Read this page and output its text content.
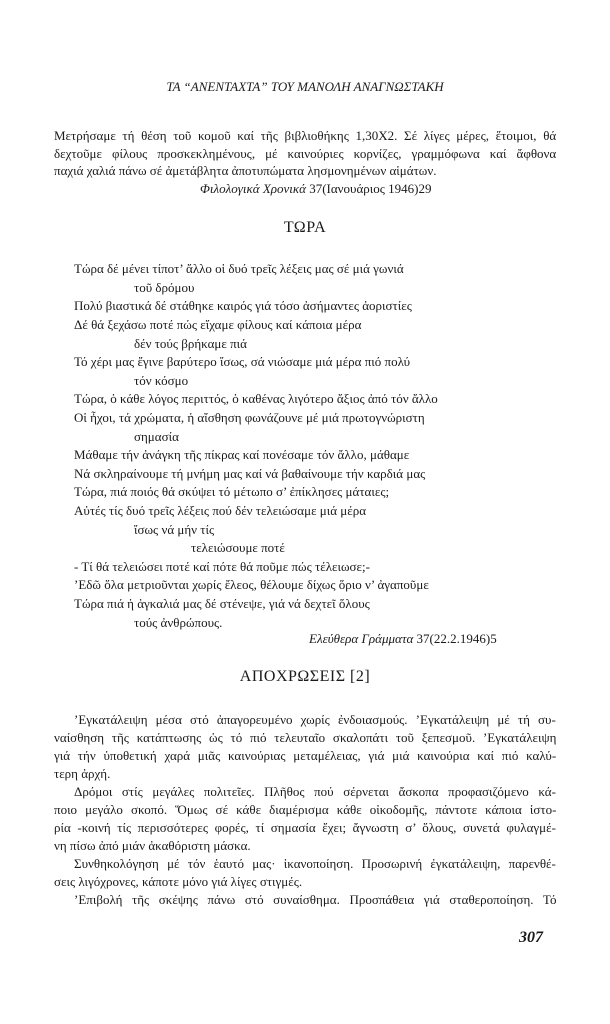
ΤΑ “ΑΝΕΝΤΑΧΤΑ” ΤΟΥ ΜΑΝΟΛΗ ΑΝΑΓΝΩΣΤΑΚΗ
Μετρήσαμε τή θέση τοῦ κομοῦ καί τῆς βιβλιοθήκης 1,30Χ2. Σέ λίγες μέρες, ἕτοιμοι, θά
δεχτοῦμε φίλους προσκεκλημένους, μέ καινούριες κορνίζες, γραμμόφωνα καί ἄφθονα
παχιά χαλιά πάνω σέ ἀμετάβλητα ἀποτυπώματα λησμονημένων αἱμάτων.
Φιλολογικά Χρονικά 37(Ιανουάριος 1946)29
ΤΩΡΑ
Τώρα δέ μένει τίποτ’ ἄλλο οἱ δυό τρεῖς λέξεις μας σέ μιά γωνιά
τοῦ δρόμου
Πολύ βιαστικά δέ στάθηκε καιρός γιά τόσο ἀσήμαντες ἀοριστίες
Δέ θά ξεχάσω ποτέ πώς εἴχαμε φίλους καί κάποια μέρα
δέν τούς βρήκαμε πιά
Τό χέρι μας ἔγινε βαρύτερο ἴσως, σά νιώσαμε μιά μέρα πιό πολύ
τόν κόσμο
Τώρα, ὁ κάθε λόγος περιττός, ὁ καθένας λιγότερο ἄξιος ἀπό τόν ἄλλο
Οἱ ἦχοι, τά χρώματα, ἡ αἴσθηση φωνάζουνε μέ μιά πρωτογνώριστη
σημασία
Μάθαμε τήν ἀνάγκη τῆς πίκρας καί πονέσαμε τόν ἄλλο, μάθαμε
Νά σκληραίνουμε τή μνήμη μας καί νά βαθαίνουμε τήν καρδιά μας
Τώρα, πιά ποιός θά σκύψει τό μέτωπο σ’ ἐπίκλησες μάταιες;
Αὐτές τίς δυό τρεῖς λέξεις πού δέν τελειώσαμε μιά μέρα
ἴσως νά μήν τίς
τελειώσουμε ποτέ
- Τί θά τελειώσει ποτέ καί πότε θά ποῦμε πώς τέλειωσε;-
’Εδῶ ὅλα μετριοῦνται χωρίς ἔλεος, θέλουμε δίχως ὅριο ν’ ἀγαποῦμε
Τώρα πιά ἡ ἀγκαλιά μας δέ στένεψε, γιά νά δεχτεῖ ὅλους
τούς ἀνθρώπους.
Ελεύθερα Γράμματα 37(22.2.1946)5
ΑΠΟΧΡΩΣΕΙΣ [2]
’Εγκατάλειψη μέσα στό ἀπαγορευμένο χωρίς ἐνδοιασμούς. ’Εγκατάλειψη μέ τή συ-
ναίσθηση τῆς κατάπτωσης ὡς τό πιό τελευταῖο σκαλοπάτι τοῦ ξεπεσμοῦ. ’Εγκατάλειψη
γιά τήν ὑποθετική χαρά μιᾶς καινούριας μεταμέλειας, γιά μιά καινούρια καί πιό καλύ-
τερη ἀρχή.
Δρόμοι στίς μεγάλες πολιτεῖες. Πλῆθος πού σέρνεται ἄσκοπα προφασιζόμενο κά-
ποιο μεγάλο σκοπό. Ὅμως σέ κάθε διαμέρισμα κάθε οἰκοδομῆς, πάντοτε κάποια ἱστο-
ρία -κοινή τίς περισσότερες φορές, τί σημασία ἔχει; ἄγνωστη σ’ ὅλους, συνετά φυλαγμέ-
νη πίσω ἀπό μιάν ἀκαθόριστη μάσκα.
Συνθηκολόγηση μέ τόν ἑαυτό μας· ἱκανοποίηση. Προσωρινή ἐγκατάλειψη, παρενθέ-
σεις λιγόχρονες, κάποτε μόνο γιά λίγες στιγμές.
’Επιβολή τῆς σκέψης πάνω στό συναίσθημα. Προσπάθεια γιά σταθεροποίηση. Τό
307
